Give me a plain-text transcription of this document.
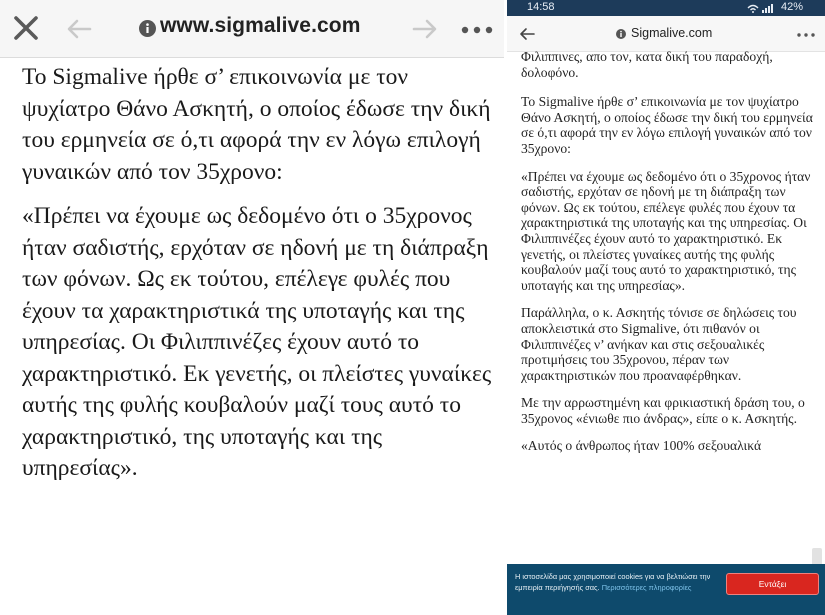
www.sigmalive.com

Το Sigmalive ήρθε σ’ επικοινωνία με τον ψυχίατρο Θάνο Ασκητή, ο οποίος έδωσε την δική του ερμηνεία σε ό,τι αφορά την εν λόγω επιλογή γυναικών από τον 35χρονο:

«Πρέπει να έχουμε ως δεδομένο ότι ο 35χρονος ήταν σαδιστής, ερχόταν σε ηδονή με τη διάπραξη των φόνων. Ως εκ τούτου, επέλεγε φυλές που έχουν τα χαρακτηριστικά της υποταγής και της υπηρεσίας. Οι Φιλιππινέζες έχουν αυτό το χαρακτηριστικό. Εκ γενετής, οι πλείστες γυναίκες αυτής της φυλής κουβαλούν μαζί τους αυτό το χαρακτηριστικό, της υποταγής και της υπηρεσίας».

14:58	42%
Sigmalive.com

Φιλιππινες, απο τον, κατα δική του παραδοχή, δολοφόνο.

Το Sigmalive ήρθε σ’ επικοινωνία με τον ψυχίατρο Θάνο Ασκητή, ο οποίος έδωσε την δική του ερμηνεία σε ό,τι αφορά την εν λόγω επιλογή γυναικών από τον 35χρονο:

«Πρέπει να έχουμε ως δεδομένο ότι ο 35χρονος ήταν σαδιστής, ερχόταν σε ηδονή με τη διάπραξη των φόνων. Ως εκ τούτου, επέλεγε φυλές που έχουν τα χαρακτηριστικά της υποταγής και της υπηρεσίας. Οι Φιλιππινέζες έχουν αυτό το χαρακτηριστικό. Εκ γενετής, οι πλείστες γυναίκες αυτής της φυλής κουβαλούν μαζί τους αυτό το χαρακτηριστικό, της υποταγής και της υπηρεσίας».

Παράλληλα, ο κ. Ασκητής τόνισε σε δηλώσεις του αποκλειστικά στο Sigmalive, ότι πιθανόν οι Φιλιππινέζες ν’ ανήκαν και στις σεξουαλικές προτιμήσεις του 35χρονου, πέραν των χαρακτηριστικών που προαναφέρθηκαν.

Με την αρρωστημένη και φρικιαστική δράση του, ο 35χρονος «ένιωθε πιο άνδρας», είπε ο κ. Ασκητής.

«Αυτός ο άνθρωπος ήταν 100% σεξουαλικά

Η ιστοσελίδα μας χρησιμοποιεί cookies για να βελτιώσει την εμπειρία περιήγησής σας. Περισσότερες πληροφορίες	Εντάξει
